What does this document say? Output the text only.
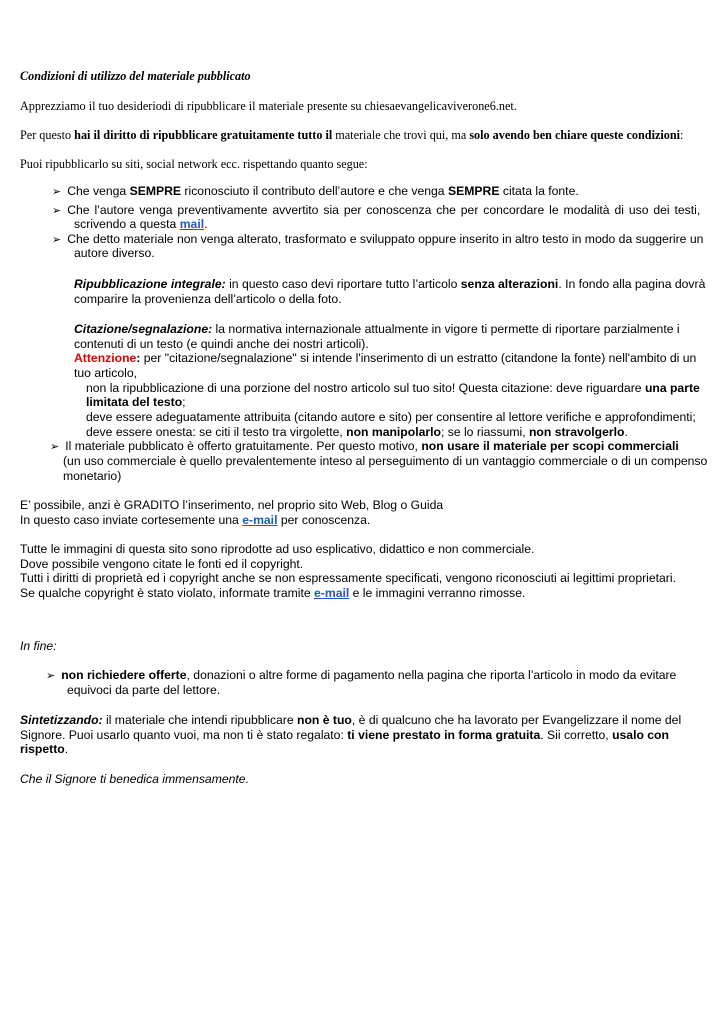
Condizioni di utilizzo del materiale pubblicato
Apprezziamo il tuo desideriodi di ripubblicare il materiale presente su chiesaevangelicaviverone6.net.
Per questo hai il diritto di ripubblicare gratuitamente tutto il materiale che trovi qui, ma solo avendo ben chiare queste condizioni:
Puoi ripubblicarlo su siti, social network ecc. rispettando quanto segue:
➢ Che venga SEMPRE riconosciuto il contributo dell’autore e che venga SEMPRE citata la fonte.
➢ Che l’autore venga preventivamente avvertito sia per conoscenza che per concordare le modalità di uso dei testi,
scrivendo a questa mail.
➢ Che detto materiale non venga alterato, trasformato e sviluppato oppure inserito in altro testo in modo da suggerire un
autore diverso.
Ripubblicazione integrale: in questo caso devi riportare tutto l’articolo senza alterazioni. In fondo alla pagina dovrà
comparire la provenienza dell’articolo o della foto.
Citazione/segnalazione: la normativa internazionale attualmente in vigore ti permette di riportare parzialmente i
contenuti di un testo (e quindi anche dei nostri articoli).
Attenzione: per "citazione/segnalazione" si intende l'inserimento di un estratto (citandone la fonte) nell'ambito di un
tuo articolo,
non la ripubblicazione di una porzione del nostro articolo sul tuo sito! Questa citazione: deve riguardare una parte
limitata del testo;
deve essere adeguatamente attribuita (citando autore e sito) per consentire al lettore verifiche e approfondimenti;
deve essere onesta: se citi il testo tra virgolette, non manipolarlo; se lo riassumi, non stravolgerlo.
➢ Il materiale pubblicato è offerto gratuitamente. Per questo motivo, non usare il materiale per scopi commerciali
(un uso commerciale è quello prevalentemente inteso al perseguimento di un vantaggio commerciale o di un compenso
monetario)
E’ possibile, anzi è GRADITO l’inserimento, nel proprio sito Web, Blog o Guida
In questo caso inviate cortesemente una e-mail per conoscenza.
Tutte le immagini di questa sito sono riprodotte ad uso esplicativo, didattico e non commerciale.
Dove possibile vengono citate le fonti ed il copyright.
Tutti i diritti di proprietà ed i copyright anche se non espressamente specificati, vengono riconosciuti ai legittimi proprietari.
Se qualche copyright è stato violato, informate tramite e-mail e le immagini verranno rimosse.
In fine:
➢ non richiedere offerte, donazioni o altre forme di pagamento nella pagina che riporta l’articolo in modo da evitare
equivoci da parte del lettore.
Sintetizzando: il materiale che intendi ripubblicare non è tuo, è di qualcuno che ha lavorato per Evangelizzare il nome del
Signore. Puoi usarlo quanto vuoi, ma non ti è stato regalato: ti viene prestato in forma gratuita. Sii corretto, usalo con
rispetto.
Che il Signore ti benedica immensamente.
